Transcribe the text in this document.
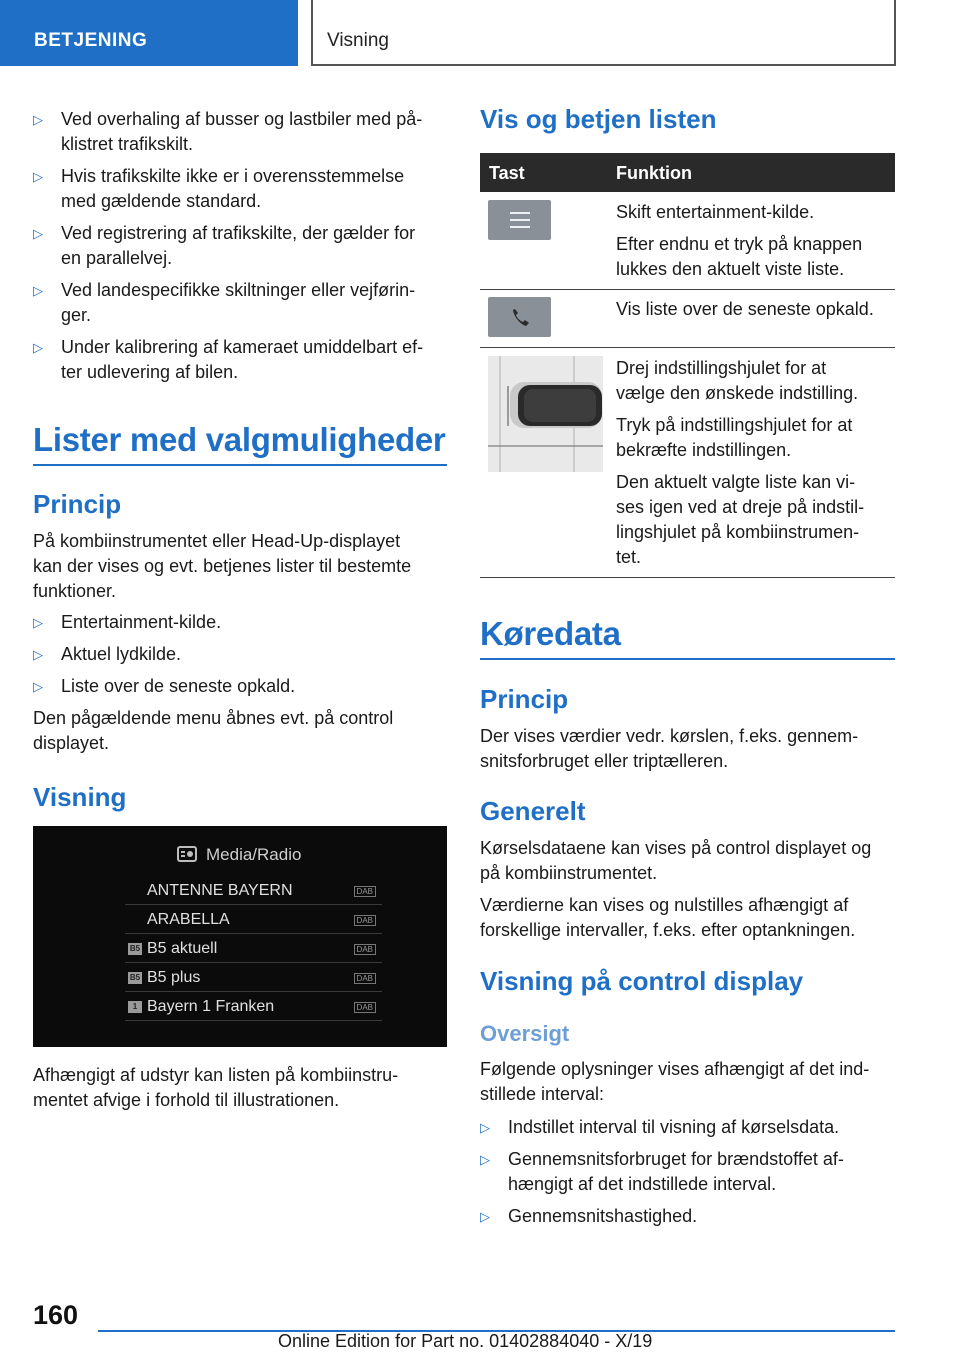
BETJENING	Visning
▷ Ved overhaling af busser og lastbiler med på-
klistret trafikskilt.
▷ Hvis trafikskilte ikke er i overensstemmelse
med gældende standard.
▷ Ved registrering af trafikskilte, der gælder for
en parallelvej.
▷ Ved landespecifikke skiltninger eller vejførin-
ger.
▷ Under kalibrering af kameraet umiddelbart ef-
ter udlevering af bilen.
Lister med valgmuligheder
Princip
På kombiinstrumentet eller Head-Up-displayet
kan der vises og evt. betjenes lister til bestemte
funktioner.
▷ Entertainment-kilde.
▷ Aktuel lydkilde.
▷ Liste over de seneste opkald.
Den pågældende menu åbnes evt. på control
displayet.
Visning
Media/Radio
ANTENNE BAYERN	DAB
ARABELLA	DAB
B5 B5 aktuell	DAB
B5 B5 plus	DAB
1 Bayern 1 Franken	DAB
Afhængigt af udstyr kan listen på kombiinstru-
mentet afvige i forhold til illustrationen.
Vis og betjen listen
Tast	Funktion
Skift entertainment-kilde.
Efter endnu et tryk på knappen
lukkes den aktuelt viste liste.
Vis liste over de seneste opkald.
Drej indstillingshjulet for at
vælge den ønskede indstilling.
Tryk på indstillingshjulet for at
bekræfte indstillingen.
Den aktuelt valgte liste kan vi-
ses igen ved at dreje på indstil-
lingshjulet på kombiinstrumen-
tet.
Køredata
Princip
Der vises værdier vedr. kørslen, f.eks. gennem-
snitsforbruget eller triptælleren.
Generelt
Kørselsdataene kan vises på control displayet og
på kombiinstrumentet.
Værdierne kan vises og nulstilles afhængigt af
forskellige intervaller, f.eks. efter optankningen.
Visning på control display
Oversigt
Følgende oplysninger vises afhængigt af det ind-
stillede interval:
▷ Indstillet interval til visning af kørselsdata.
▷ Gennemsnitsforbruget for brændstoffet af-
hængigt af det indstillede interval.
▷ Gennemsnitshastighed.
160
Online Edition for Part no. 01402884040 - X/19
